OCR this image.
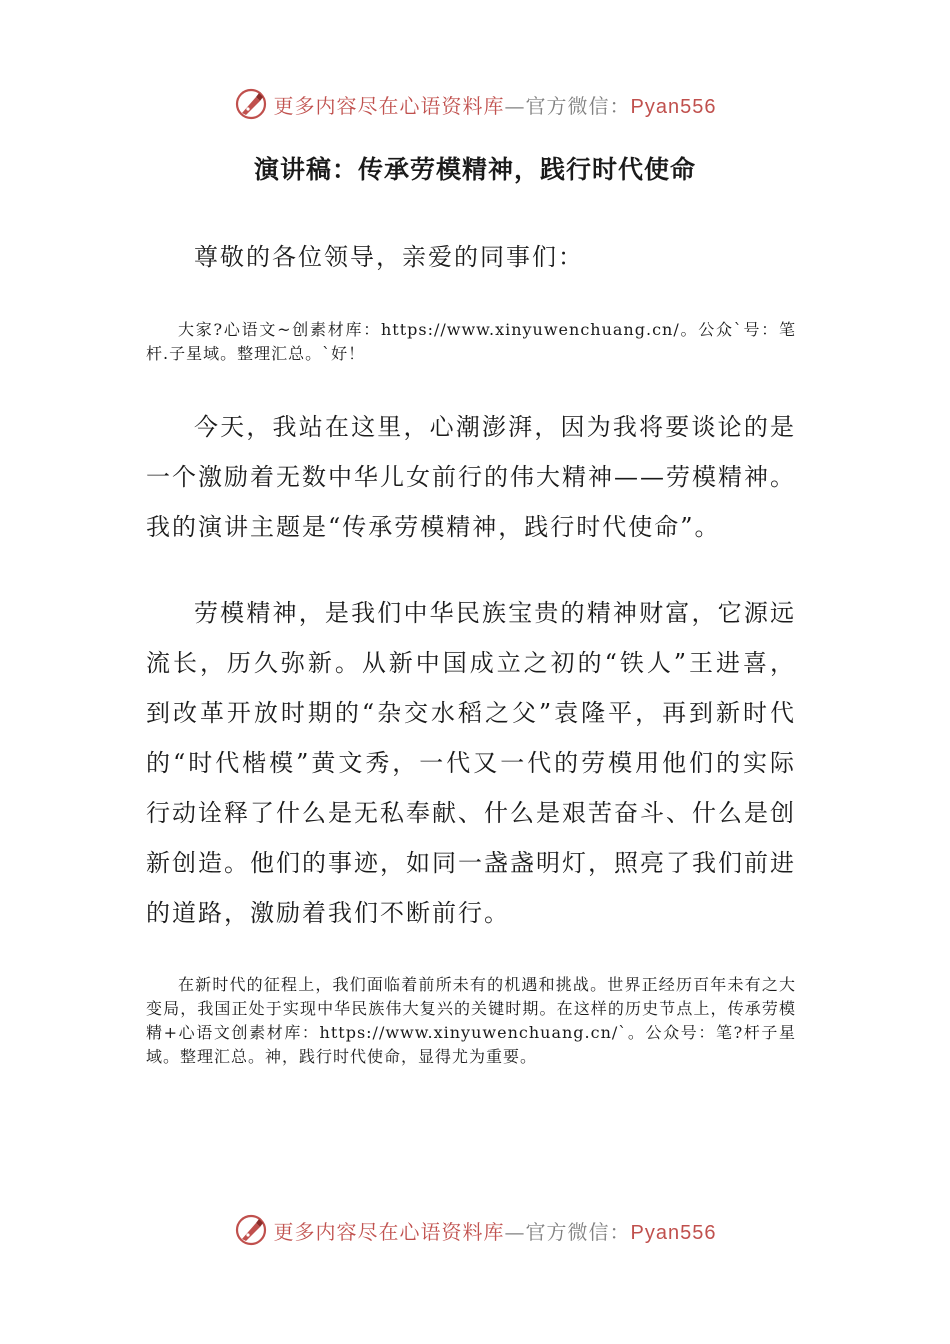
更多内容尽在心语资料库—官方微信：Pyan556
演讲稿：传承劳模精神，践行时代使命

尊敬的各位领导，亲爱的同事们：

大家?心语文~创素材库：https://www.xinyuwenchuang.cn/。公众`号：笔杆.子星域。整理汇总。`好！

今天，我站在这里，心潮澎湃，因为我将要谈论的是一个激励着无数中华儿女前行的伟大精神——劳模精神。我的演讲主题是“传承劳模精神，践行时代使命”。

劳模精神，是我们中华民族宝贵的精神财富，它源远流长，历久弥新。从新中国成立之初的“铁人”王进喜，到改革开放时期的“杂交水稻之父”袁隆平，再到新时代的“时代楷模”黄文秀，一代又一代的劳模用他们的实际行动诠释了什么是无私奉献、什么是艰苦奋斗、什么是创新创造。他们的事迹，如同一盏盏明灯，照亮了我们前进的道路，激励着我们不断前行。

在新时代的征程上，我们面临着前所未有的机遇和挑战。世界正经历百年未有之大变局，我国正处于实现中华民族伟大复兴的关键时期。在这样的历史节点上，传承劳模精+心语文创素材库：https://www.xinyuwenchuang.cn/`。公众号：笔?杆子星域。整理汇总。神，践行时代使命，显得尤为重要。

更多内容尽在心语资料库—官方微信：Pyan556
